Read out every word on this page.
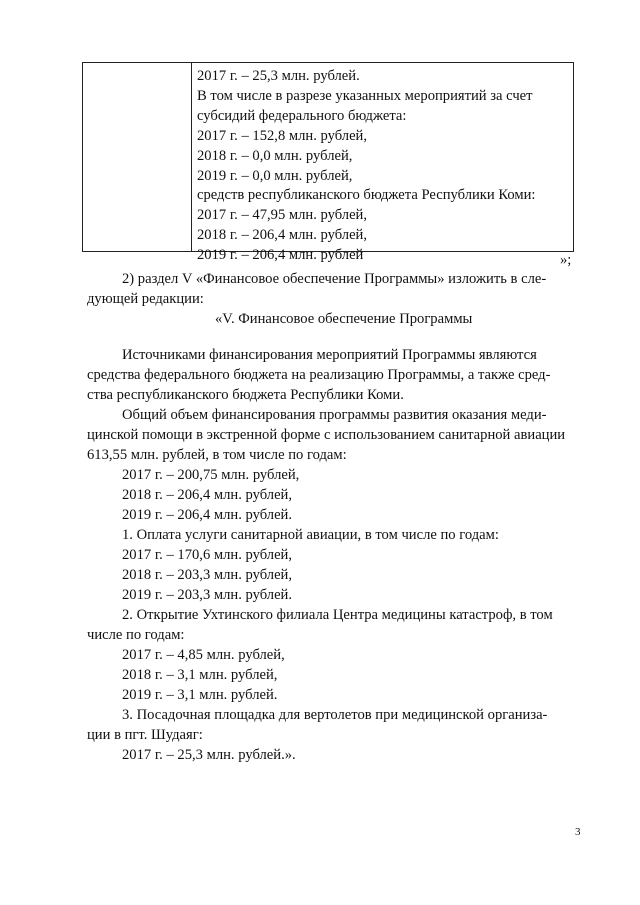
2017 г. – 25,3 млн. рублей.
В том числе в разрезе указанных мероприятий за счет
субсидий федерального бюджета:
2017 г. – 152,8 млн. рублей,
2018 г. – 0,0 млн. рублей,
2019 г. – 0,0 млн. рублей,
средств республиканского бюджета Республики Коми:
2017 г. – 47,95 млн. рублей,
2018 г. – 206,4 млн. рублей,
2019 г. – 206,4 млн. рублей	»;
2) раздел V «Финансовое обеспечение Программы» изложить в сле-
дующей редакции:
«V. Финансовое обеспечение Программы
Источниками финансирования мероприятий Программы являются
средства федерального бюджета на реализацию Программы, а также сред-
ства республиканского бюджета Республики Коми.
Общий объем финансирования программы развития оказания меди-
цинской помощи в экстренной форме с использованием санитарной авиации
613,55 млн. рублей, в том числе по годам:
2017 г. – 200,75 млн. рублей,
2018 г. – 206,4 млн. рублей,
2019 г. – 206,4 млн. рублей.
1. Оплата услуги санитарной авиации, в том числе по годам:
2017 г. – 170,6 млн. рублей,
2018 г. – 203,3 млн. рублей,
2019 г. – 203,3 млн. рублей.
2. Открытие Ухтинского филиала Центра медицины катастроф, в том
числе по годам:
2017 г. – 4,85 млн. рублей,
2018 г. – 3,1 млн. рублей,
2019 г. – 3,1 млн. рублей.
3. Посадочная площадка для вертолетов при медицинской организа-
ции в пгт. Шудаяг:
2017 г. – 25,3 млн. рублей.».
3
